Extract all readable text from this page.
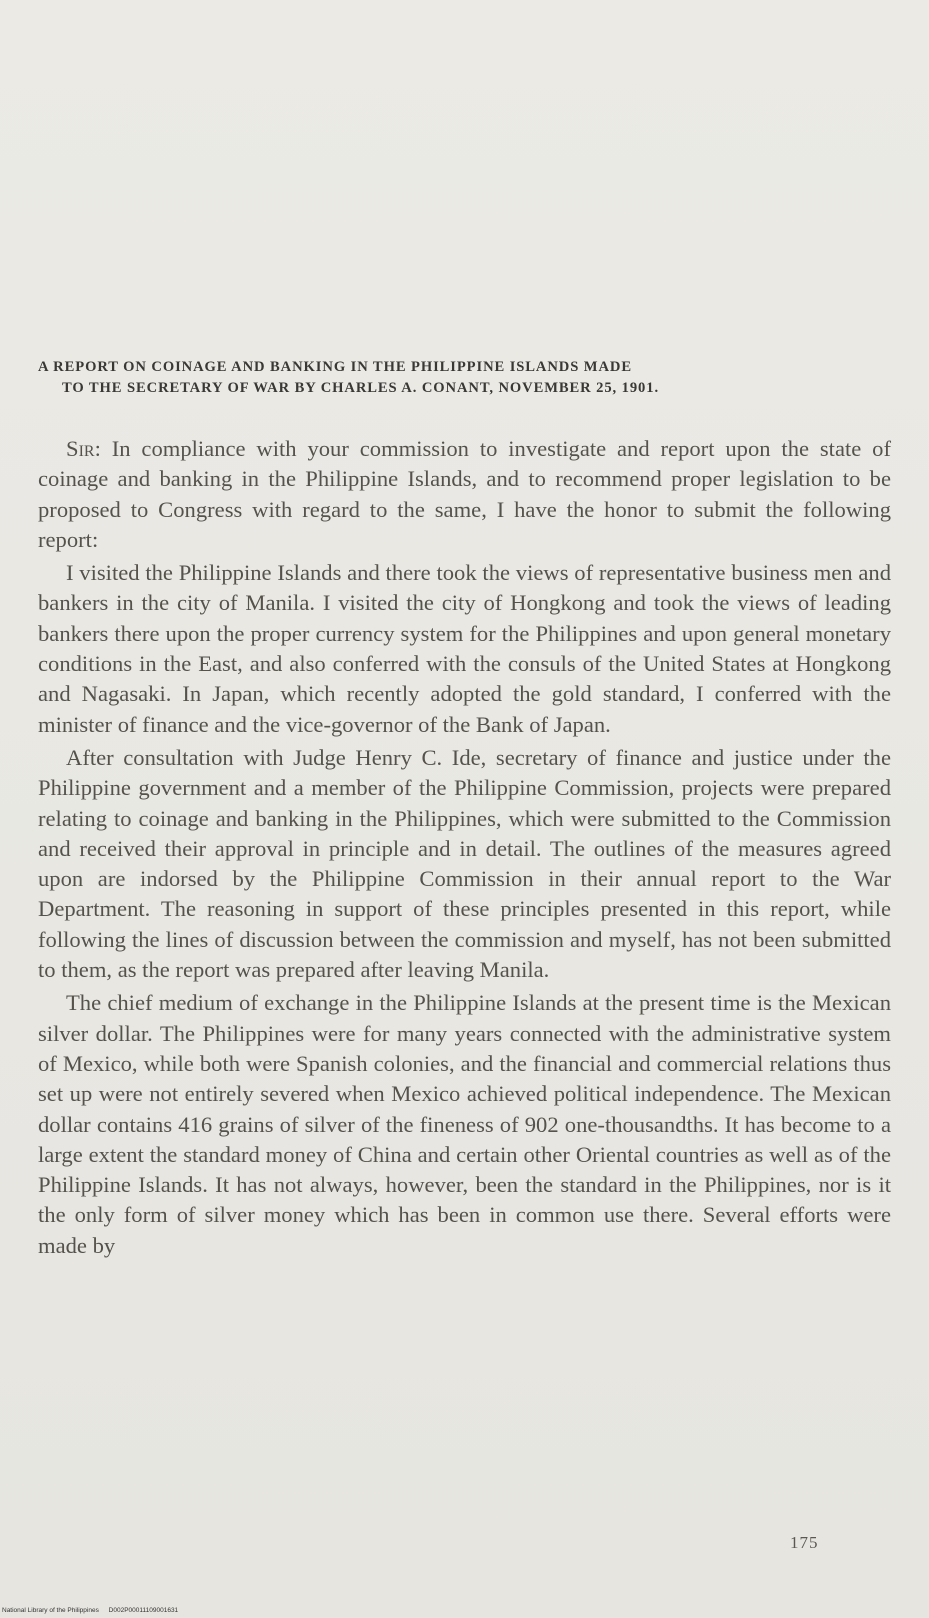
A REPORT ON COINAGE AND BANKING IN THE PHILIPPINE ISLANDS MADE
TO THE SECRETARY OF WAR BY CHARLES A. CONANT, NOVEMBER 25, 1901.

Sir: In compliance with your commission to investigate and report upon the state of coinage and banking in the Philippine Islands, and to recommend proper legislation to be proposed to Congress with regard to the same, I have the honor to submit the following report:

I visited the Philippine Islands and there took the views of representative business men and bankers in the city of Manila. I visited the city of Hongkong and took the views of leading bankers there upon the proper currency system for the Philippines and upon general monetary conditions in the East, and also conferred with the consuls of the United States at Hongkong and Nagasaki. In Japan, which recently adopted the gold standard, I conferred with the minister of finance and the vice-governor of the Bank of Japan.

After consultation with Judge Henry C. Ide, secretary of finance and justice under the Philippine government and a member of the Philippine Commission, projects were prepared relating to coinage and banking in the Philippines, which were submitted to the Commission and received their approval in principle and in detail. The outlines of the measures agreed upon are indorsed by the Philippine Commission in their annual report to the War Department. The reasoning in support of these principles presented in this report, while following the lines of discussion between the commission and myself, has not been submitted to them, as the report was prepared after leaving Manila.

The chief medium of exchange in the Philippine Islands at the present time is the Mexican silver dollar. The Philippines were for many years connected with the administrative system of Mexico, while both were Spanish colonies, and the financial and commercial relations thus set up were not entirely severed when Mexico achieved political independence. The Mexican dollar contains 416 grains of silver of the fineness of 902 one-thousandths. It has become to a large extent the standard money of China and certain other Oriental countries as well as of the Philippine Islands. It has not always, however, been the standard in the Philippines, nor is it the only form of silver money which has been in common use there. Several efforts were made by

175
National Library of the Philippines D002P00011109001631
